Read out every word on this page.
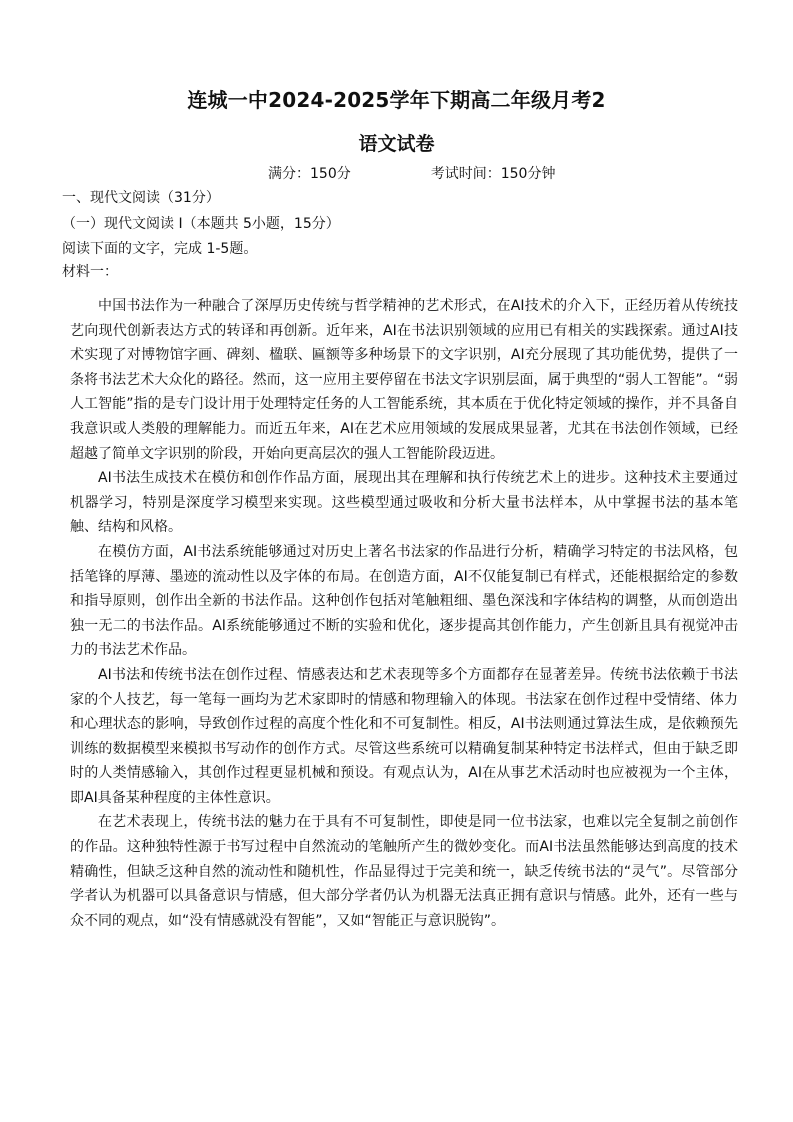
连城一中2024-2025学年下期高二年级月考2
语文试卷
满分：150分	考试时间：150分钟
一、现代文阅读（31分）
（一）现代文阅读 I（本题共 5小题，15分）
阅读下面的文字，完成 1-5题。
材料一：

中国书法作为一种融合了深厚历史传统与哲学精神的艺术形式，在AI技术的介入下，正经历着从传统技艺向现代创新表达方式的转译和再创新。近年来，AI在书法识别领域的应用已有相关的实践探索。通过AI技术实现了对博物馆字画、碑刻、楹联、匾额等多种场景下的文字识别，AI充分展现了其功能优势，提供了一条将书法艺术大众化的路径。然而，这一应用主要停留在书法文字识别层面，属于典型的“弱人工智能”。“弱人工智能”指的是专门设计用于处理特定任务的人工智能系统，其本质在于优化特定领域的操作，并不具备自我意识或人类般的理解能力。而近五年来，AI在艺术应用领域的发展成果显著，尤其在书法创作领域，已经超越了简单文字识别的阶段，开始向更高层次的强人工智能阶段迈进。

AI书法生成技术在模仿和创作作品方面，展现出其在理解和执行传统艺术上的进步。这种技术主要通过机器学习，特别是深度学习模型来实现。这些模型通过吸收和分析大量书法样本，从中掌握书法的基本笔触、结构和风格。

在模仿方面，AI书法系统能够通过对历史上著名书法家的作品进行分析，精确学习特定的书法风格，包括笔锋的厚薄、墨迹的流动性以及字体的布局。在创造方面，AI不仅能复制已有样式，还能根据给定的参数和指导原则，创作出全新的书法作品。这种创作包括对笔触粗细、墨色深浅和字体结构的调整，从而创造出独一无二的书法作品。AI系统能够通过不断的实验和优化，逐步提高其创作能力，产生创新且具有视觉冲击力的书法艺术作品。

AI书法和传统书法在创作过程、情感表达和艺术表现等多个方面都存在显著差异。传统书法依赖于书法家的个人技艺，每一笔每一画均为艺术家即时的情感和物理输入的体现。书法家在创作过程中受情绪、体力和心理状态的影响，导致创作过程的高度个性化和不可复制性。相反，AI书法则通过算法生成，是依赖预先训练的数据模型来模拟书写动作的创作方式。尽管这些系统可以精确复制某种特定书法样式，但由于缺乏即时的人类情感输入，其创作过程更显机械和预设。有观点认为，AI在从事艺术活动时也应被视为一个主体，即AI具备某种程度的主体性意识。

在艺术表现上，传统书法的魅力在于具有不可复制性，即使是同一位书法家，也难以完全复制之前创作的作品。这种独特性源于书写过程中自然流动的笔触所产生的微妙变化。而AI书法虽然能够达到高度的技术精确性，但缺乏这种自然的流动性和随机性，作品显得过于完美和统一，缺乏传统书法的“灵气”。尽管部分学者认为机器可以具备意识与情感，但大部分学者仍认为机器无法真正拥有意识与情感。此外，还有一些与众不同的观点，如“没有情感就没有智能”，又如“智能正与意识脱钩”。
